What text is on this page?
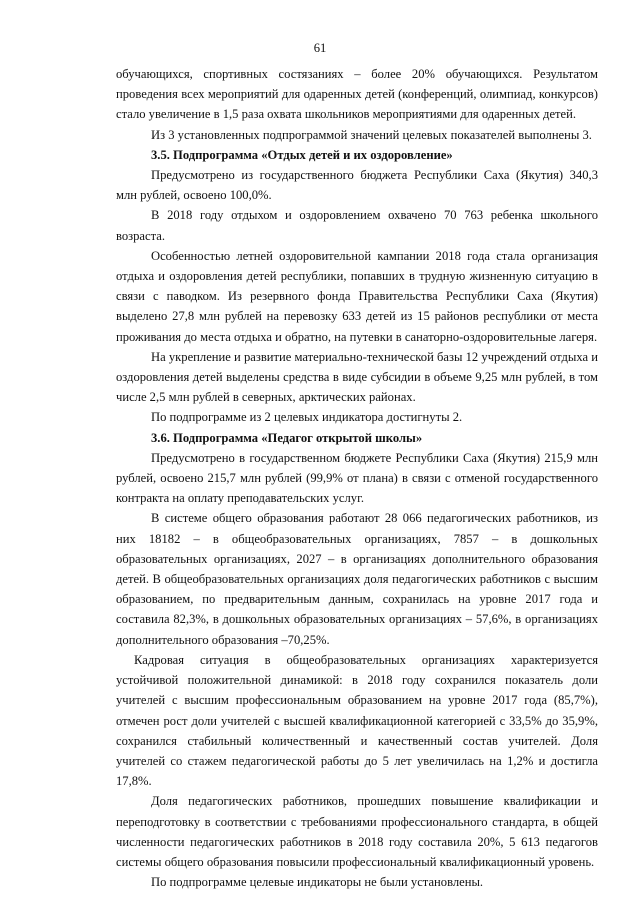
61

обучающихся, спортивных состязаниях – более 20% обучающихся. Результатом проведения всех мероприятий для одаренных детей (конференций, олимпиад, конкурсов) стало увеличение в 1,5 раза охвата школьников мероприятиями для одаренных детей.

Из 3 установленных подпрограммой значений целевых показателей выполнены 3.

3.5. Подпрограмма «Отдых детей и их оздоровление»

Предусмотрено из государственного бюджета Республики Саха (Якутия) 340,3 млн рублей, освоено 100,0%.

В 2018 году отдыхом и оздоровлением охвачено 70 763 ребенка школьного возраста.

Особенностью летней оздоровительной кампании 2018 года стала организация отдыха и оздоровления детей республики, попавших в трудную жизненную ситуацию в связи с паводком. Из резервного фонда Правительства Республики Саха (Якутия) выделено 27,8 млн рублей на перевозку 633 детей из 15 районов республики от места проживания до места отдыха и обратно, на путевки в санаторно-оздоровительные лагеря.

На укрепление и развитие материально-технической базы 12 учреждений отдыха и оздоровления детей выделены средства в виде субсидии в объеме 9,25 млн рублей, в том числе 2,5 млн рублей в северных, арктических районах.

По подпрограмме из 2 целевых индикатора достигнуты 2.

3.6. Подпрограмма «Педагог открытой школы»

Предусмотрено в государственном бюджете Республики Саха (Якутия) 215,9 млн рублей, освоено 215,7 млн рублей (99,9% от плана) в связи с отменой государственного контракта на оплату преподавательских услуг.

В системе общего образования работают 28 066 педагогических работников, из них 18182 – в общеобразовательных организациях, 7857 – в дошкольных образовательных организациях, 2027 – в организациях дополнительного образования детей. В общеобразовательных организациях доля педагогических работников с высшим образованием, по предварительным данным, сохранилась на уровне 2017 года и составила 82,3%, в дошкольных образовательных организациях – 57,6%, в организациях дополнительного образования –70,25%.

Кадровая ситуация в общеобразовательных организациях характеризуется устойчивой положительной динамикой: в 2018 году сохранился показатель доли учителей с высшим профессиональным образованием на уровне 2017 года (85,7%), отмечен рост доли учителей с высшей квалификационной категорией с 33,5% до 35,9%, сохранился стабильный количественный и качественный состав учителей. Доля учителей со стажем педагогической работы до 5 лет увеличилась на 1,2% и достигла 17,8%.

Доля педагогических работников, прошедших повышение квалификации и переподготовку в соответствии с требованиями профессионального стандарта, в общей численности педагогических работников в 2018 году составила 20%, 5 613 педагогов системы общего образования повысили профессиональный квалификационный уровень.

По подпрограмме целевые индикаторы не были установлены.
